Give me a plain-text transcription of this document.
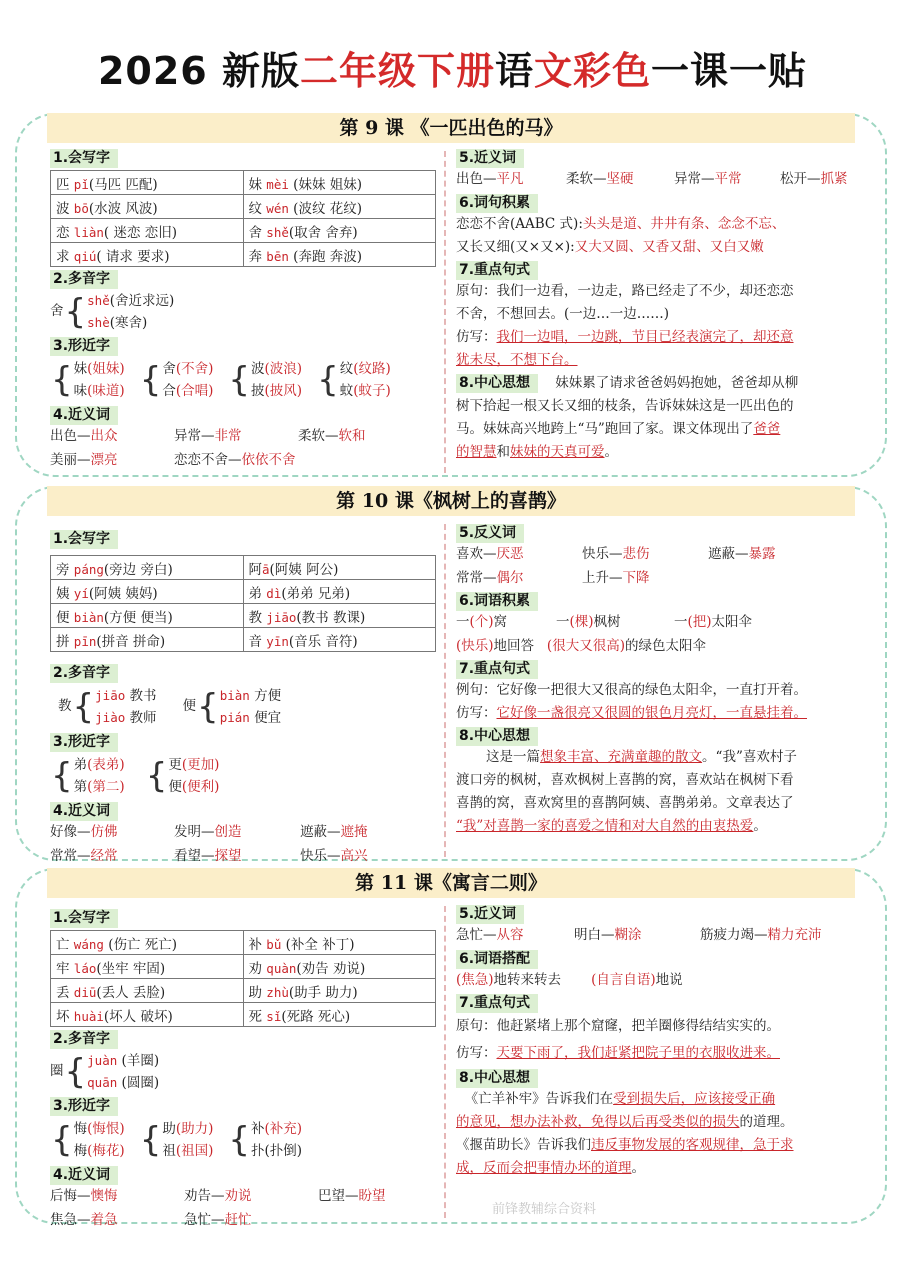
2026 新版二年级下册语文彩色一课一贴
第 9 课 《一匹出色的马》
1.会写字
匹 pǐ(马匹 匹配)	妹 mèi (妹妹 姐妹)
波 bō(水波 风波)	纹 wén (波纹 花纹)
恋 liàn( 迷恋 恋旧)	舍 shě(取舍 舍弃)
求 qiú( 请求 要求)	奔 bēn (奔跑 奔波)
2.多音字
舍 { shě(舍近求远)
shè(寒舍)
3.形近字
{ 妹(姐妹)
味(味道) { 舍(不舍)
合(合唱) { 波(波浪)
披(披风) { 纹(纹路)
蚊(蚊子)
4.近义词
出色—出众	异常—非常	柔软—软和
美丽—漂亮	恋恋不舍—依依不舍
5.近义词
出色—平凡	柔软—坚硬	异常—平常	松开—抓紧
6.词句积累
恋恋不舍(AABC 式):头头是道、井井有条、念念不忘、
又长又细(又×又×):又大又圆、又香又甜、又白又嫩
7.重点句式
原句：我们一边看，一边走，路已经走了不少，却还恋恋
不舍，不想回去。(一边…一边……)
仿写：我们一边唱，一边跳，节目已经表演完了，却还意
犹未尽，不想下台。
8.中心思想 妹妹累了请求爸爸妈妈抱她，爸爸却从柳
树下拾起一根又长又细的枝条，告诉妹妹这是一匹出色的
马。妹妹高兴地跨上“马”跑回了家。课文体现出了爸爸
的智慧和妹妹的天真可爱。
第 10 课《枫树上的喜鹊》
1.会写字
旁 páng(旁边 旁白)	阿ā(阿姨 阿公)
姨 yí(阿姨 姨妈)	弟 dì(弟弟 兄弟)
便 biàn(方便 便当)	教 jiāo(教书 教课)
拼 pīn(拼音 拼命)	音 yīn(音乐 音符)
2.多音字
教 { jiāo 教书
jiào 教师
便 { biàn 方便
pián 便宜
3.形近字
{ 弟(表弟)
第(第二) { 更(更加)
便(便利)
4.近义词
好像—仿佛	发明—创造	遮蔽—遮掩
常常—经常	看望—探望	快乐—高兴
5.反义词
喜欢—厌恶	快乐—悲伤	遮蔽—暴露
常常—偶尔	上升—下降
6.词语积累
一(个)窝	一(棵)枫树	一(把)太阳伞
(快乐)地回答 (很大又很高)的绿色太阳伞
7.重点句式
例句：它好像一把很大又很高的绿色太阳伞，一直打开着。
仿写：它好像一盏很亮又很圆的银色月亮灯，一直悬挂着。
8.中心思想
这是一篇想象丰富、充满童趣的散文。“我”喜欢村子
渡口旁的枫树，喜欢枫树上喜鹊的窝，喜欢站在枫树下看
喜鹊的窝，喜欢窝里的喜鹊阿姨、喜鹊弟弟。文章表达了
“我”对喜鹊一家的喜爱之情和对大自然的由衷热爱。
第 11 课《寓言二则》
1.会写字
亡 wáng (伤亡 死亡)	补 bǔ (补全 补丁)
牢 láo(坐牢 牢固)	劝 quàn(劝告 劝说)
丢 diū(丢人 丢脸)	助 zhù(助手 助力)
坏 huài(坏人 破坏)	死 sǐ(死路 死心)
2.多音字
圈 { juàn (羊圈)
quān (圆圈)
3.形近字
{ 悔(悔恨)
梅(梅花) { 助(助力)
祖(祖国) { 补(补充)
扑(扑倒)
4.近义词
后悔—懊悔	劝告—劝说	巴望—盼望
焦急—着急	急忙—赶忙
5.近义词
急忙—从容	明白—糊涂	筋疲力竭—精力充沛
6.词语搭配
(焦急)地转来转去 (自言自语)地说
7.重点句式
原句：他赶紧堵上那个窟窿，把羊圈修得结结实实的。
仿写：天要下雨了，我们赶紧把院子里的衣服收进来。
8.中心思想
《亡羊补牢》告诉我们在受到损失后，应该接受正确
的意见，想办法补救，免得以后再受类似的损失的道理。
《揠苗助长》告诉我们违反事物发展的客观规律，急于求
成，反而会把事情办坏的道理。
前锋教辅综合资料
